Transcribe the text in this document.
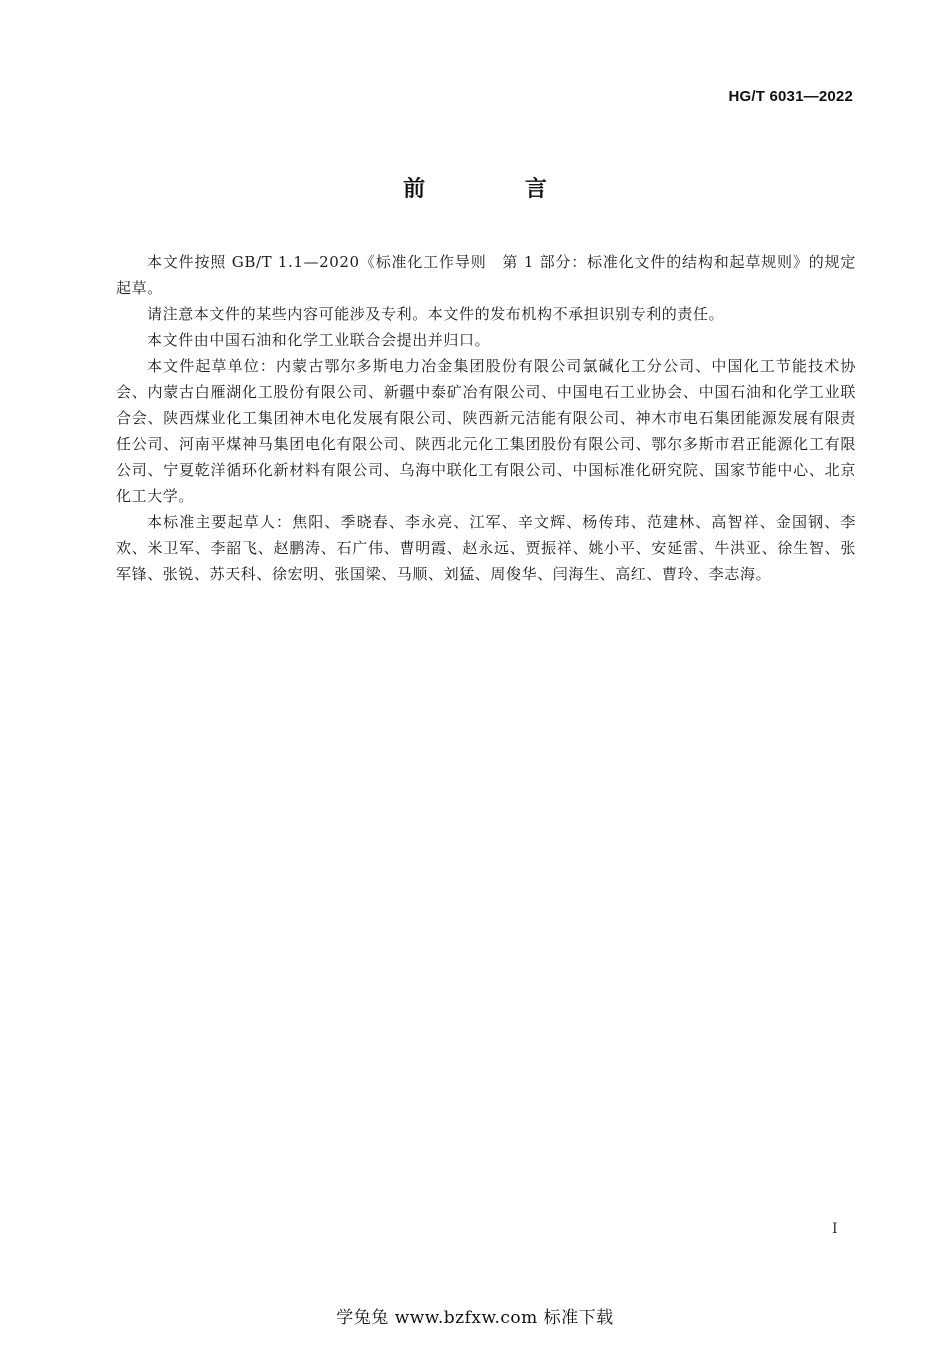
HG/T 6031—2022
前 言

本文件按照 GB/T 1.1—2020《标准化工作导则　第 1 部分：标准化文件的结构和起草规则》的规定起草。

请注意本文件的某些内容可能涉及专利。本文件的发布机构不承担识别专利的责任。

本文件由中国石油和化学工业联合会提出并归口。

本文件起草单位：内蒙古鄂尔多斯电力冶金集团股份有限公司氯碱化工分公司、中国化工节能技术协会、内蒙古白雁湖化工股份有限公司、新疆中泰矿冶有限公司、中国电石工业协会、中国石油和化学工业联合会、陕西煤业化工集团神木电化发展有限公司、陕西新元洁能有限公司、神木市电石集团能源发展有限责任公司、河南平煤神马集团电化有限公司、陕西北元化工集团股份有限公司、鄂尔多斯市君正能源化工有限公司、宁夏乾洋循环化新材料有限公司、乌海中联化工有限公司、中国标准化研究院、国家节能中心、北京化工大学。

本标准主要起草人：焦阳、季晓春、李永亮、江军、辛文辉、杨传玮、范建林、高智祥、金国钢、李欢、米卫军、李韶飞、赵鹏涛、石广伟、曹明霞、赵永远、贾振祥、姚小平、安延雷、牛洪亚、徐生智、张军锋、张锐、苏天科、徐宏明、张国梁、马顺、刘猛、周俊华、闫海生、高红、曹玲、李志海。

I
学兔兔 www.bzfxw.com 标准下载
